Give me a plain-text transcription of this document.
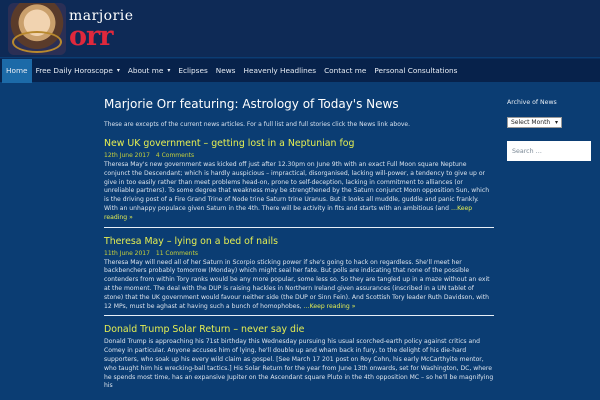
marjorie
orr
Home Free Daily Horoscope ▾ About me ▾ Eclipses News Heavenly Headlines Contact me Personal Consultations
Marjorie Orr featuring: Astrology of Today's News
These are excepts of the current news articles. For a full list and full stories click the News link above.
New UK government – getting lost in a Neptunian fog
12th June 2017 4 Comments
Theresa May's new government was kicked off just after 12.30pm on June 9th with an exact Full Moon square Neptune conjunct the Descendant; which is hardly auspicious – impractical, disorganised, lacking will-power, a tendency to give up or give in too easily rather than meet problems head-on, prone to self-deception, lacking in commitment to alliances (or unreliable partners). To some degree that weakness may be strengthened by the Saturn conjunct Moon opposition Sun, which is the driving post of a Fire Grand Trine of Node trine Saturn trine Uranus. But it looks all muddle, guddle and panic frankly. With an unhappy populace given Saturn in the 4th. There will be activity in fits and starts with an ambitious (and …Keep reading »
Theresa May – lying on a bed of nails
11th June 2017 11 Comments
Theresa May will need all of her Saturn in Scorpio sticking power if she's going to hack on regardless. She'll meet her backbenchers probably tomorrow (Monday) which might seal her fate. But polls are indicating that none of the possible contenders from within Tory ranks would be any more popular, some less so. So they are tangled up in a maze without an exit at the moment. The deal with the DUP is raising hackles in Northern Ireland given assurances (inscribed in a UN tablet of stone) that the UK government would favour neither side (the DUP or Sinn Fein). And Scottish Tory leader Ruth Davidson, with 12 MPs, must be aghast at having such a bunch of homophobes, …Keep reading »
Donald Trump Solar Return – never say die
Donald Trump is approaching his 71st birthday this Wednesday pursuing his usual scorched-earth policy against critics and Comey in particular. Anyone accuses him of lying, he'll double up and wham back in fury, to the delight of his die-hard supporters, who soak up his every wild claim as gospel. [See March 17 201 post on Roy Cohn, his early McCarthyite mentor, who taught him his wrecking-ball tactics.] His Solar Return for the year from June 13th onwards, set for Washington, DC, where he spends most time, has an expansive Jupiter on the Ascendant square Pluto in the 4th opposition MC – so he'll be magnifying his
Archive of News
Select Month ▾
Search …
